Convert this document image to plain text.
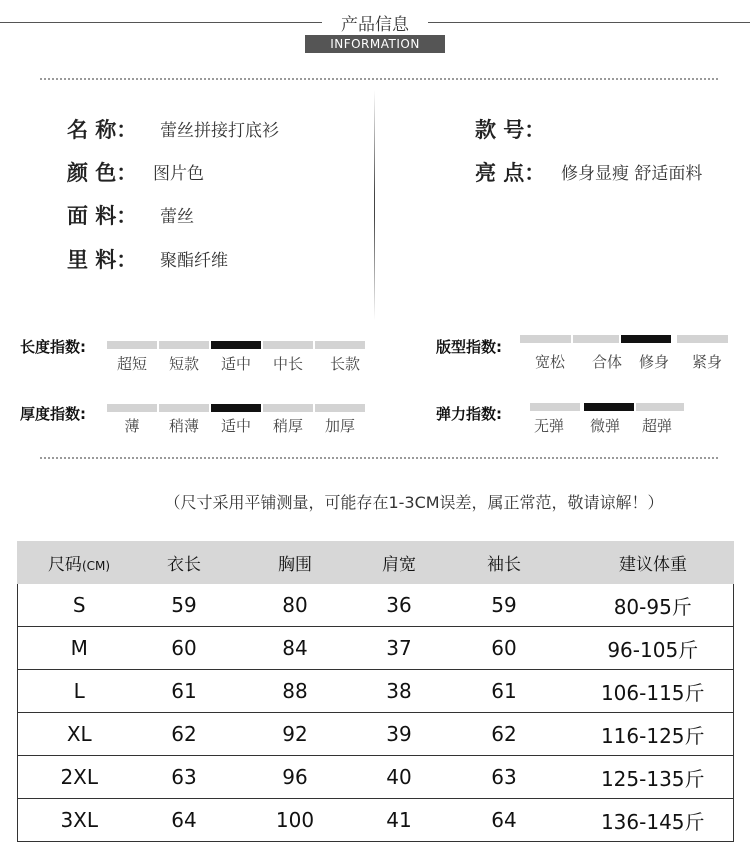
产品信息
INFORMATION
名 称： 蕾丝拼接打底衫
颜 色： 图片色
面 料： 蕾丝
里 料： 聚酯纤维
款 号：
亮 点： 修身显瘦 舒适面料
长度指数:
超短	短款	适中	中长	长款
版型指数:
宽松	合体	修身	紧身
厚度指数:
薄	稍薄	适中	稍厚	加厚
弹力指数:
无弹	微弹	超弹
（尺寸采用平铺测量，可能存在1-3CM误差，属正常范，敬请谅解！）
尺码(CM)	衣长	胸围	肩宽	袖长	建议体重
S	59	80	36	59	80-95斤
M	60	84	37	60	96-105斤
L	61	88	38	61	106-115斤
XL	62	92	39	62	116-125斤
2XL	63	96	40	63	125-135斤
3XL	64	100	41	64	136-145斤
